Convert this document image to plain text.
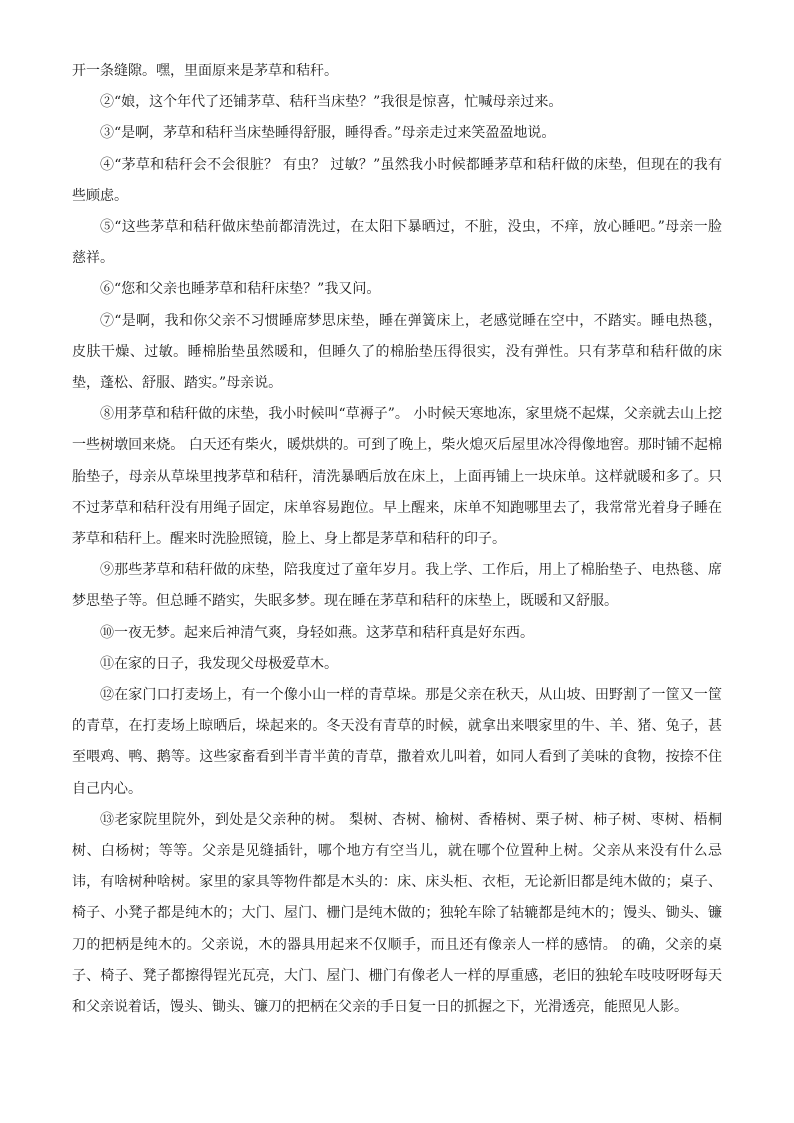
开一条缝隙。嘿，里面原来是茅草和秸秆。

②“娘，这个年代了还铺茅草、秸秆当床垫？”我很是惊喜，忙喊母亲过来。

③“是啊，茅草和秸秆当床垫睡得舒服，睡得香。”母亲走过来笑盈盈地说。

④“茅草和秸秆会不会很脏？ 有虫？ 过敏？”虽然我小时候都睡茅草和秸秆做的床垫，但现在的我有些顾虑。

⑤“这些茅草和秸秆做床垫前都清洗过，在太阳下暴晒过，不脏，没虫，不痒，放心睡吧。”母亲一脸慈祥。

⑥“您和父亲也睡茅草和秸秆床垫？”我又问。

⑦“是啊，我和你父亲不习惯睡席梦思床垫，睡在弹簧床上，老感觉睡在空中，不踏实。睡电热毯，皮肤干燥、过敏。睡棉胎垫虽然暖和，但睡久了的棉胎垫压得很实，没有弹性。只有茅草和秸秆做的床垫，蓬松、舒服、踏实。”母亲说。

⑧用茅草和秸秆做的床垫，我小时候叫“草褥子”。 小时候天寒地冻，家里烧不起煤，父亲就去山上挖一些树墩回来烧。 白天还有柴火，暖烘烘的。可到了晚上，柴火熄灭后屋里冰冷得像地窖。那时铺不起棉胎垫子，母亲从草垛里拽茅草和秸秆，清洗暴晒后放在床上，上面再铺上一块床单。这样就暖和多了。只不过茅草和秸秆没有用绳子固定，床单容易跑位。早上醒来，床单不知跑哪里去了，我常常光着身子睡在茅草和秸秆上。醒来时洗脸照镜，脸上、身上都是茅草和秸秆的印子。

⑨那些茅草和秸秆做的床垫，陪我度过了童年岁月。我上学、工作后，用上了棉胎垫子、电热毯、席梦思垫子等。但总睡不踏实，失眠多梦。现在睡在茅草和秸秆的床垫上，既暖和又舒服。

⑩一夜无梦。起来后神清气爽，身轻如燕。这茅草和秸秆真是好东西。

⑪在家的日子，我发现父母极爱草木。

⑫在家门口打麦场上，有一个像小山一样的青草垛。那是父亲在秋天，从山坡、田野割了一筐又一筐的青草，在打麦场上晾晒后，垛起来的。冬天没有青草的时候，就拿出来喂家里的牛、羊、猪、兔子，甚至喂鸡、鸭、鹅等。这些家畜看到半青半黄的青草，撒着欢儿叫着，如同人看到了美味的食物，按捺不住自己内心。

⑬老家院里院外，到处是父亲种的树。 梨树、杏树、榆树、香椿树、栗子树、柿子树、枣树、梧桐树、白杨树；等等。父亲是见缝插针，哪个地方有空当儿，就在哪个位置种上树。父亲从来没有什么忌讳，有啥树种啥树。家里的家具等物件都是木头的：床、床头柜、衣柜，无论新旧都是纯木做的；桌子、椅子、小凳子都是纯木的；大门、屋门、栅门是纯木做的；独轮车除了轱辘都是纯木的；馒头、锄头、镰刀的把柄是纯木的。父亲说，木的器具用起来不仅顺手，而且还有像亲人一样的感情。 的确，父亲的桌子、椅子、凳子都擦得锃光瓦亮，大门、屋门、栅门有像老人一样的厚重感，老旧的独轮车吱吱呀呀每天和父亲说着话，馒头、锄头、镰刀的把柄在父亲的手日复一日的抓握之下，光滑透亮，能照见人影。
